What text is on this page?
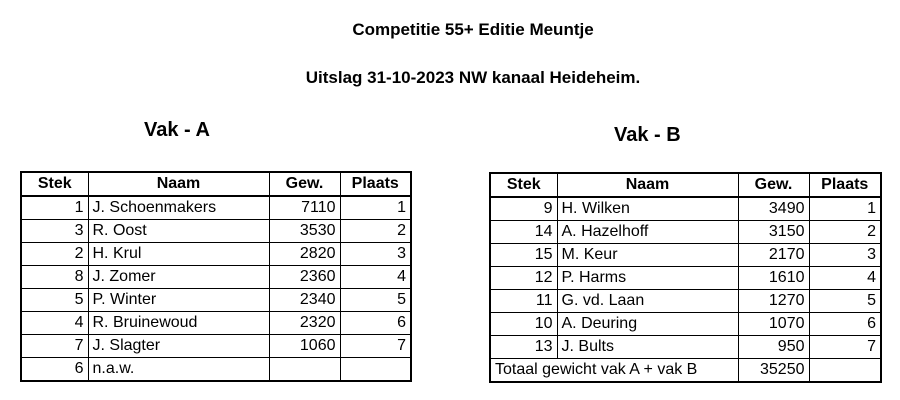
Competitie 55+ Editie Meuntje
Uitslag 31-10-2023 NW kanaal Heideheim.
Vak - A	Vak - B
Stek	Naam	Gew.	Plaats
1	J. Schoenmakers	7110	1
3	R. Oost	3530	2
2	H. Krul	2820	3
8	J. Zomer	2360	4
5	P. Winter	2340	5
4	R. Bruinewoud	2320	6
7	J. Slagter	1060	7
6	n.a.w.		
Stek	Naam	Gew.	Plaats
9	H. Wilken	3490	1
14	A. Hazelhoff	3150	2
15	M. Keur	2170	3
12	P. Harms	1610	4
11	G. vd. Laan	1270	5
10	A. Deuring	1070	6
13	J. Bults	950	7
Totaal gewicht vak A + vak B		35250	
